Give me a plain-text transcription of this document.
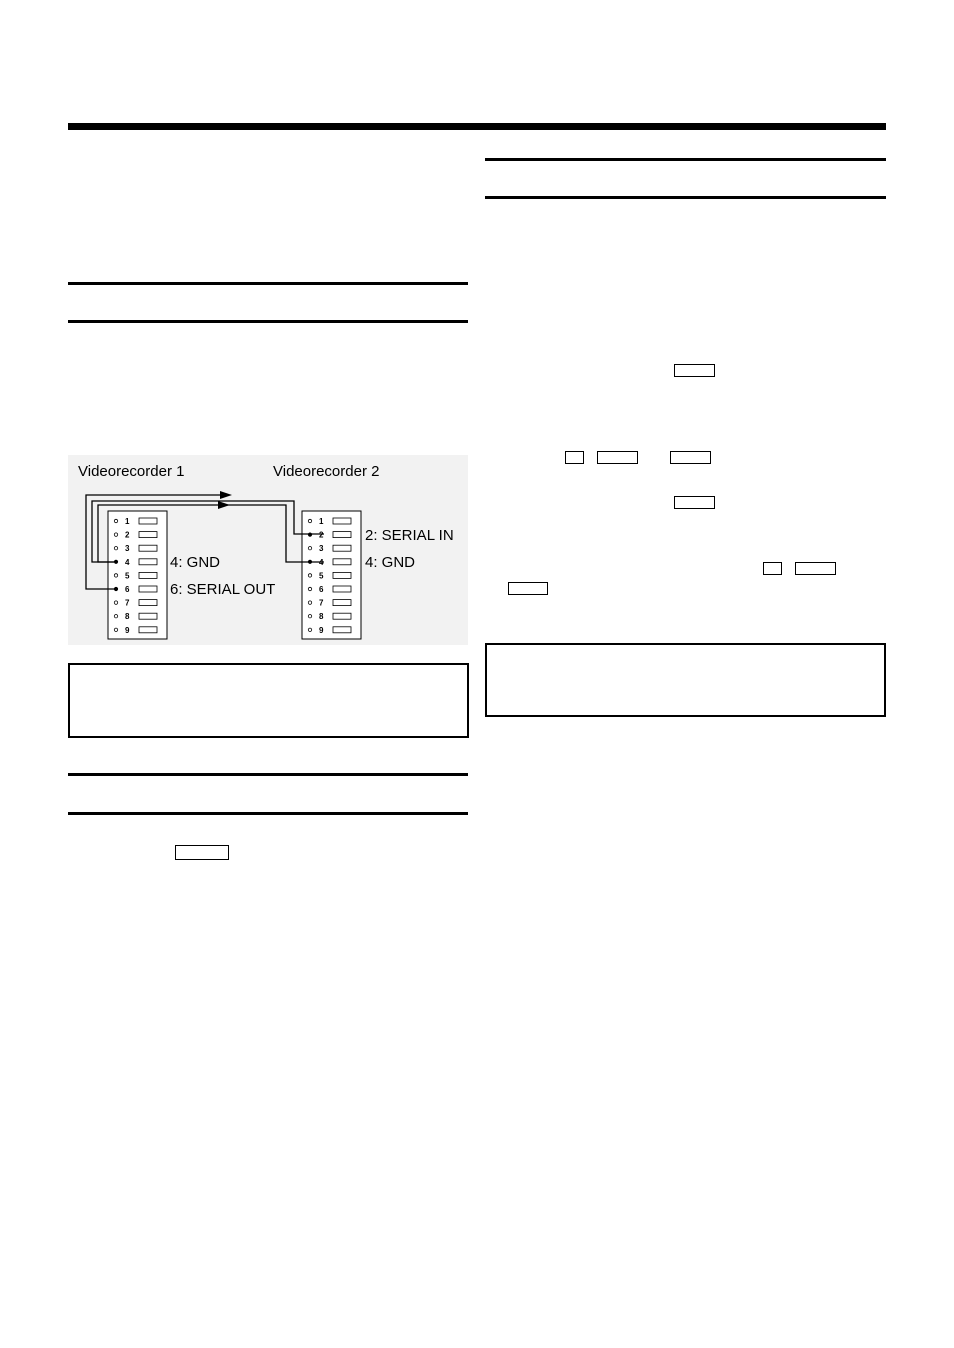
Videorecorder 1	Videorecorder 2
1
2
3
4
5
6
7
8
9
1
2
3
4
5
6
7
8
9
4: GND
6: SERIAL OUT
2: SERIAL IN
4: GND
